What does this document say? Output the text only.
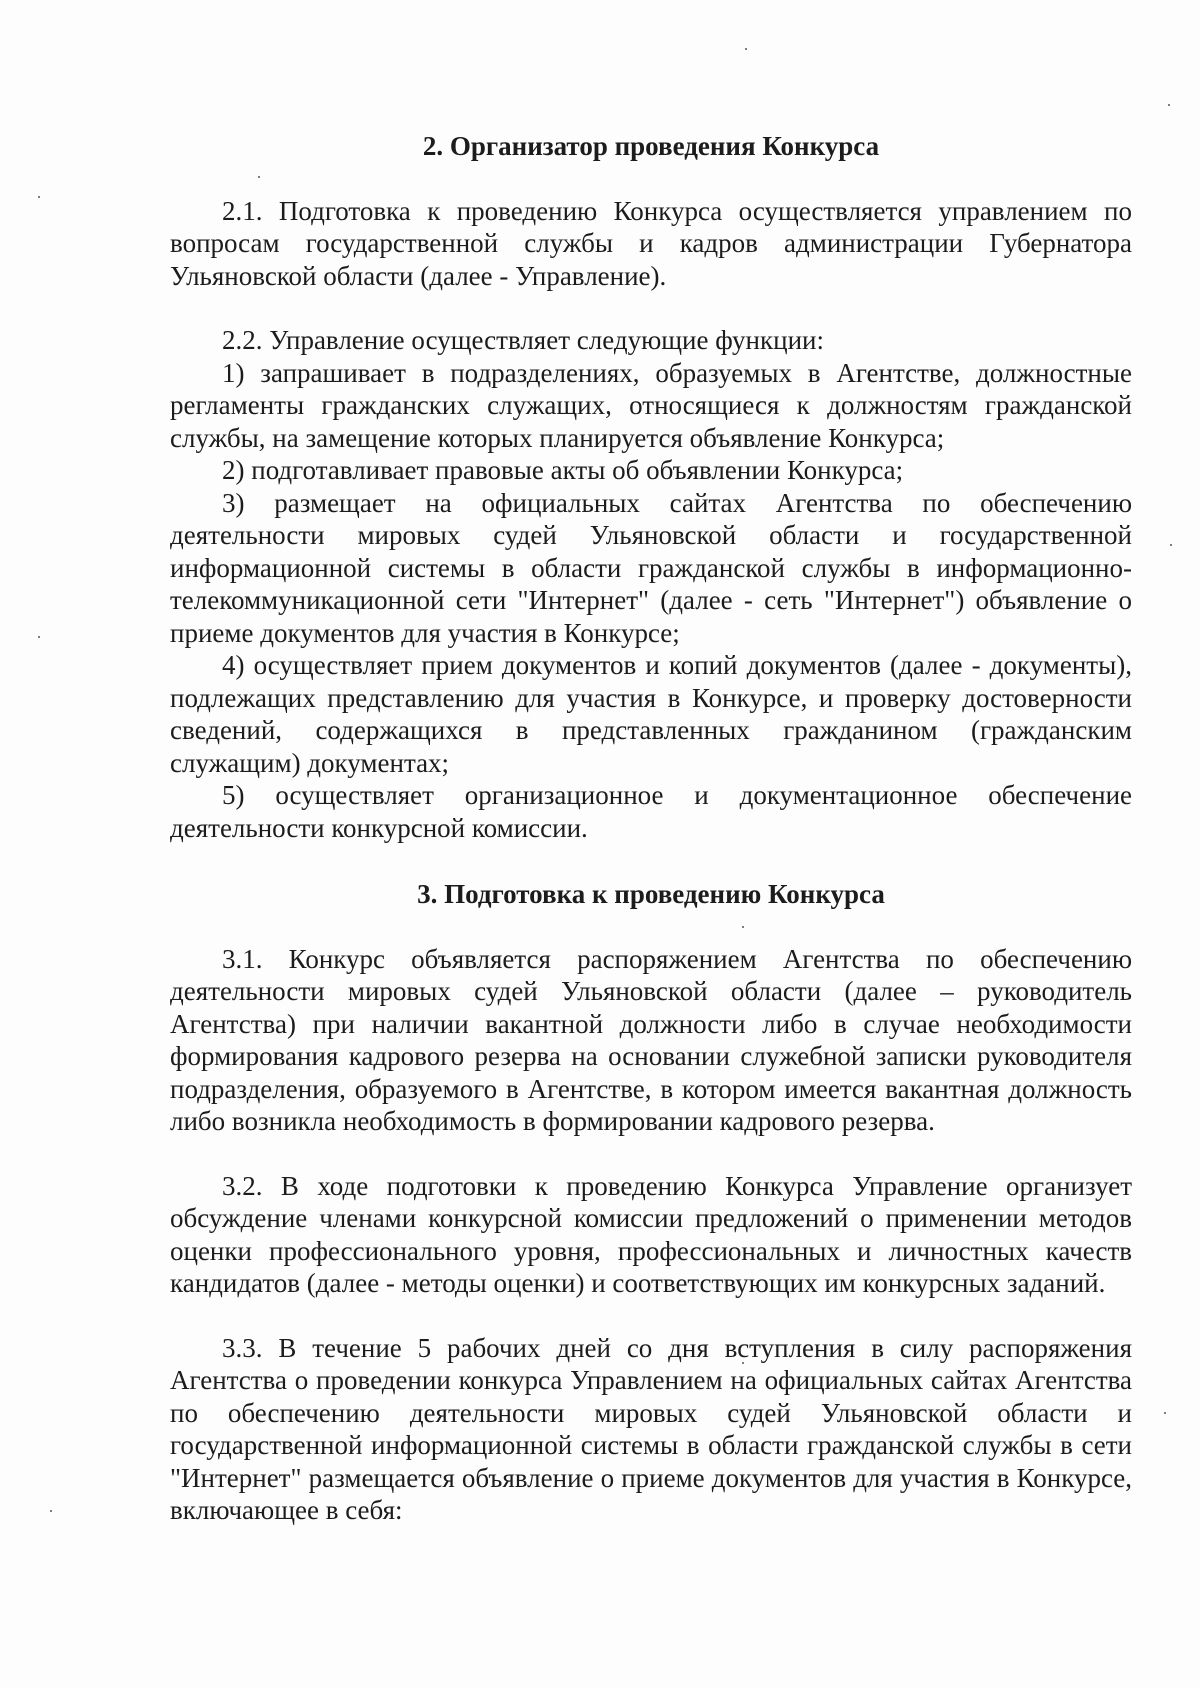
2. Организатор проведения Конкурса

2.1. Подготовка к проведению Конкурса осуществляется управлением по вопросам государственной службы и кадров администрации Губернатора Ульяновской области (далее - Управление).

2.2. Управление осуществляет следующие функции:

1) запрашивает в подразделениях, образуемых в Агентстве, должностные регламенты гражданских служащих, относящиеся к должностям гражданской службы, на замещение которых планируется объявление Конкурса;

2) подготавливает правовые акты об объявлении Конкурса;

3) размещает на официальных сайтах Агентства по обеспечению деятельности мировых судей Ульяновской области и государственной информационной системы в области гражданской службы в информационно-телекоммуникационной сети "Интернет" (далее - сеть "Интернет") объявление о приеме документов для участия в Конкурсе;

4) осуществляет прием документов и копий документов (далее - документы), подлежащих представлению для участия в Конкурсе, и проверку достоверности сведений, содержащихся в представленных гражданином (гражданским служащим) документах;

5) осуществляет организационное и документационное обеспечение деятельности конкурсной комиссии.

3. Подготовка к проведению Конкурса

3.1. Конкурс объявляется распоряжением Агентства по обеспечению деятельности мировых судей Ульяновской области (далее – руководитель Агентства) при наличии вакантной должности либо в случае необходимости формирования кадрового резерва на основании служебной записки руководителя подразделения, образуемого в Агентстве, в котором имеется вакантная должность либо возникла необходимость в формировании кадрового резерва.

3.2. В ходе подготовки к проведению Конкурса Управление организует обсуждение членами конкурсной комиссии предложений о применении методов оценки профессионального уровня, профессиональных и личностных качеств кандидатов (далее - методы оценки) и соответствующих им конкурсных заданий.

3.3. В течение 5 рабочих дней со дня вступления в силу распоряжения Агентства о проведении конкурса Управлением на официальных сайтах Агентства по обеспечению деятельности мировых судей Ульяновской области и государственной информационной системы в области гражданской службы в сети "Интернет" размещается объявление о приеме документов для участия в Конкурсе, включающее в себя:
